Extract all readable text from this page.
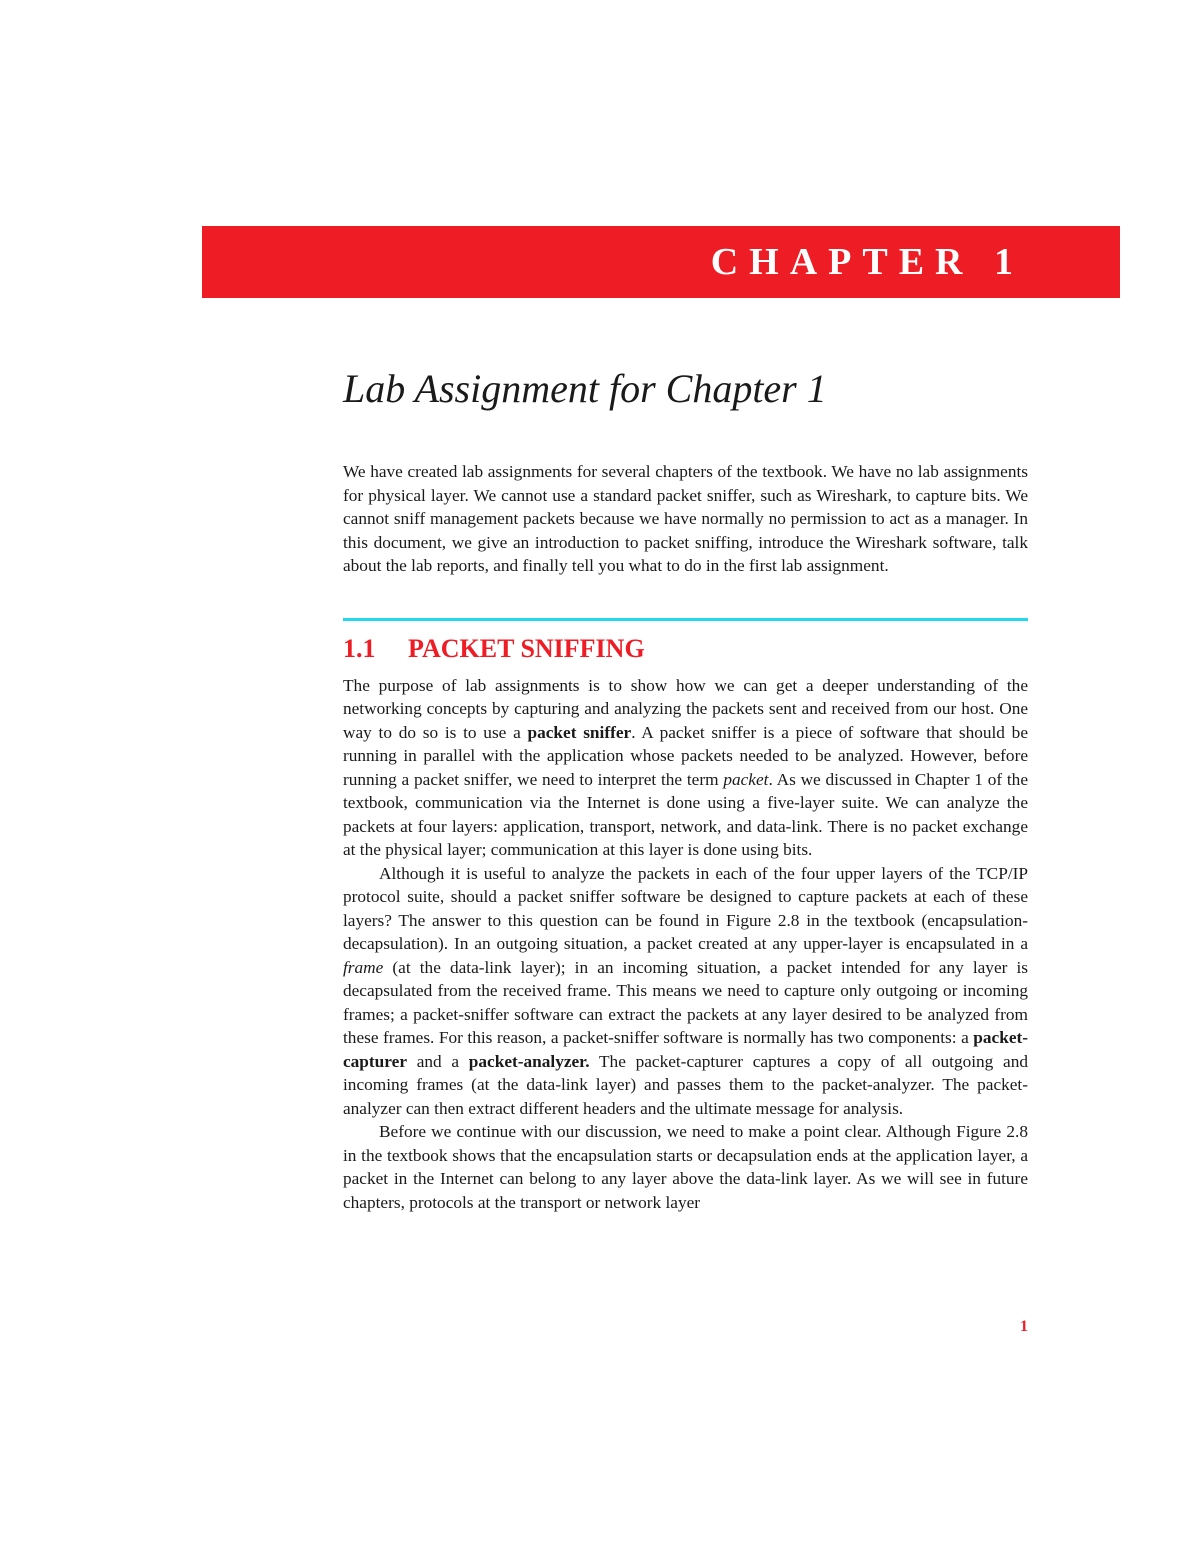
CHAPTER 1
Lab Assignment for Chapter 1

We have created lab assignments for several chapters of the textbook. We have no lab assignments for physical layer. We cannot use a standard packet sniffer, such as Wireshark, to capture bits. We cannot sniff management packets because we have normally no permission to act as a manager. In this document, we give an introduction to packet sniffing, introduce the Wireshark software, talk about the lab reports, and finally tell you what to do in the first lab assignment.

1.1 PACKET SNIFFING

The purpose of lab assignments is to show how we can get a deeper understanding of the networking concepts by capturing and analyzing the packets sent and received from our host. One way to do so is to use a packet sniffer. A packet sniffer is a piece of software that should be running in parallel with the application whose packets needed to be analyzed. However, before running a packet sniffer, we need to interpret the term packet. As we discussed in Chapter 1 of the textbook, communication via the Internet is done using a five-layer suite. We can analyze the packets at four layers: application, transport, network, and data-link. There is no packet exchange at the physical layer; communication at this layer is done using bits.

Although it is useful to analyze the packets in each of the four upper layers of the TCP/IP protocol suite, should a packet sniffer software be designed to capture packets at each of these layers? The answer to this question can be found in Figure 2.8 in the textbook (encapsulation-decapsulation). In an outgoing situation, a packet created at any upper-layer is encapsulated in a frame (at the data-link layer); in an incoming situation, a packet intended for any layer is decapsulated from the received frame. This means we need to capture only outgoing or incoming frames; a packet-sniffer software can extract the packets at any layer desired to be analyzed from these frames. For this reason, a packet-sniffer software is normally has two components: a packet-capturer and a packet-analyzer. The packet-capturer captures a copy of all outgoing and incoming frames (at the data-link layer) and passes them to the packet-analyzer. The packet-analyzer can then extract different headers and the ultimate message for analysis.

Before we continue with our discussion, we need to make a point clear. Although Figure 2.8 in the textbook shows that the encapsulation starts or decapsulation ends at the application layer, a packet in the Internet can belong to any layer above the data-link layer. As we will see in future chapters, protocols at the transport or network layer

1
